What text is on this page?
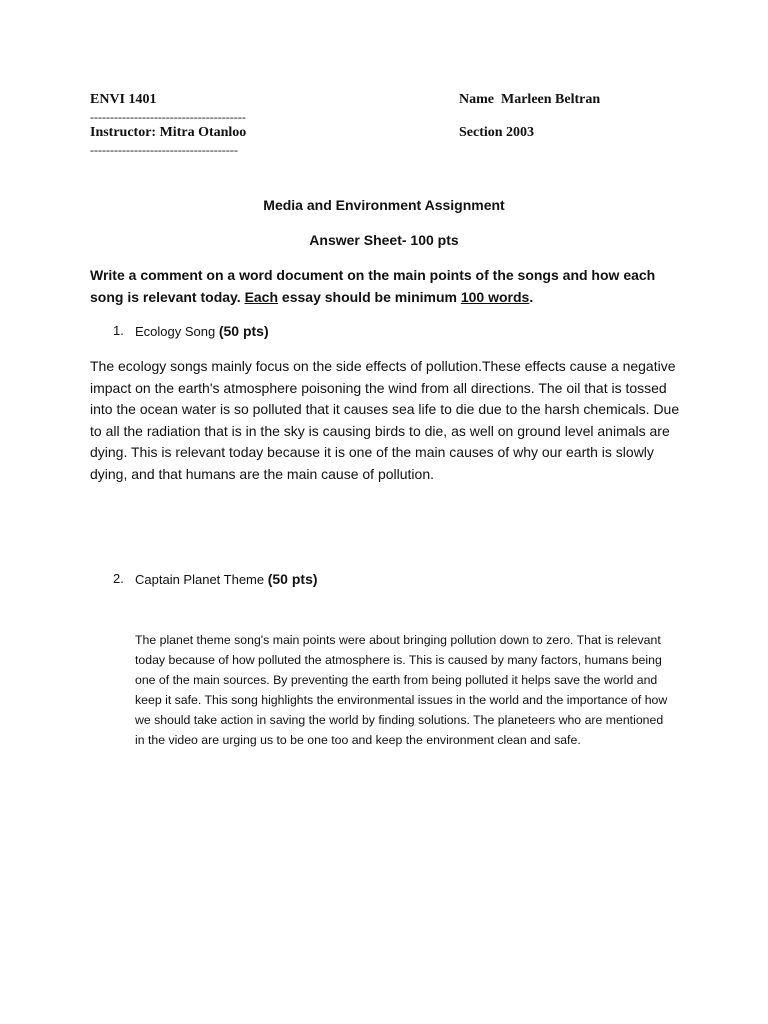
ENVI 1401	Name Marleen Beltran
---------------------------------------
Instructor: Mitra Otanloo	Section 2003
-------------------------------------
Media and Environment Assignment
Answer Sheet- 100 pts
Write a comment on a word document on the main points of the songs and how each song is relevant today. Each essay should be minimum 100 words.
1. Ecology Song (50 pts)
The ecology songs mainly focus on the side effects of pollution.These effects cause a negative impact on the earth's atmosphere poisoning the wind from all directions. The oil that is tossed into the ocean water is so polluted that it causes sea life to die due to the harsh chemicals. Due to all the radiation that is in the sky is causing birds to die, as well on ground level animals are dying. This is relevant today because it is one of the main causes of why our earth is slowly dying, and that humans are the main cause of pollution.
2. Captain Planet Theme (50 pts)
The planet theme song's main points were about bringing pollution down to zero. That is relevant today because of how polluted the atmosphere is. This is caused by many factors, humans being one of the main sources. By preventing the earth from being polluted it helps save the world and keep it safe. This song highlights the environmental issues in the world and the importance of how we should take action in saving the world by finding solutions. The planeteers who are mentioned in the video are urging us to be one too and keep the environment clean and safe.
